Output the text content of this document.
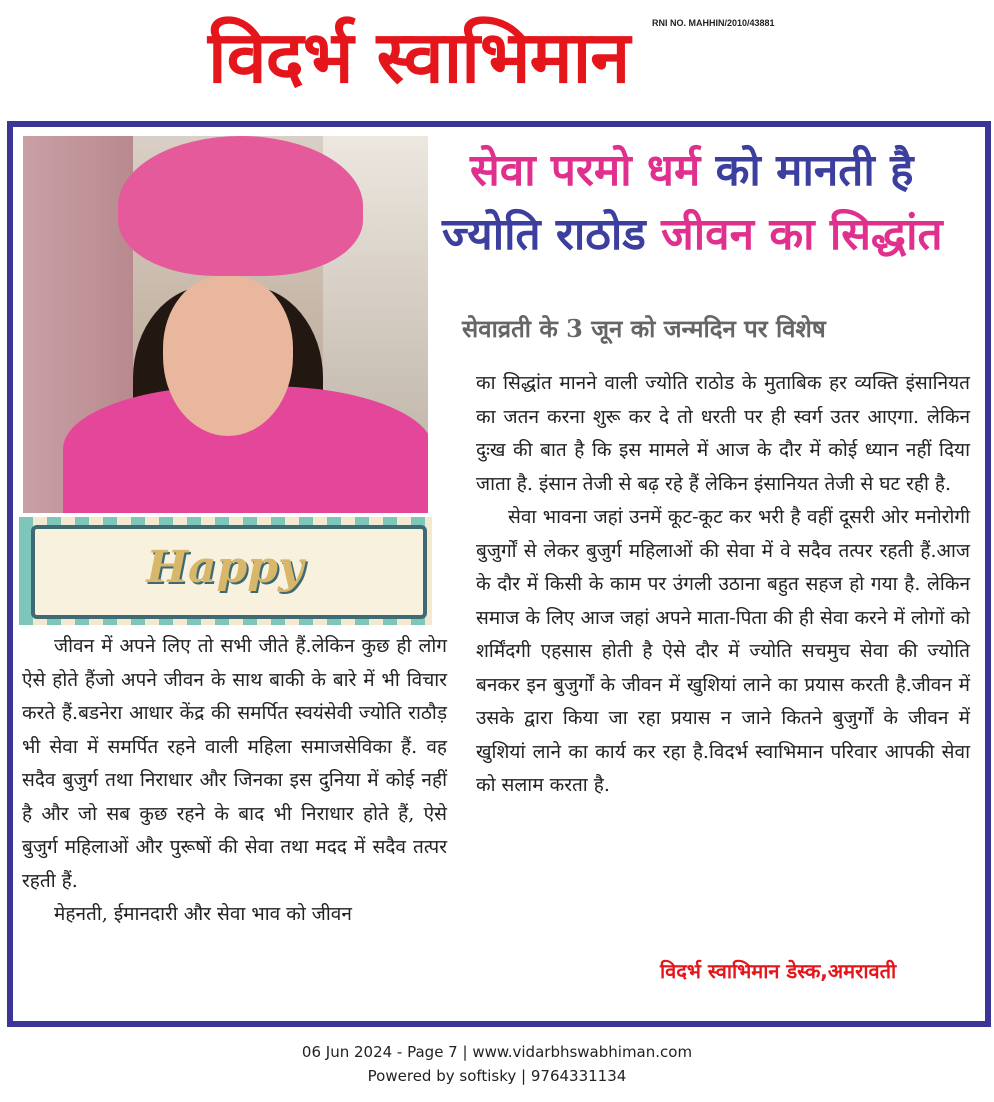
विदर्भ स्वाभिमान	RNI NO. MAHHIN/2010/43881
Happy
सेवा परमो धर्म को मानती है
ज्योति राठोड जीवन का सिद्धांत
सेवाव्रती के 3 जून को जन्मदिन पर विशेष

जीवन में अपने लिए तो सभी जीते हैं.लेकिन कुछ ही लोग ऐसे होते हैंजो अपने जीवन के साथ बाकी के बारे में भी विचार करते हैं.बडनेरा आधार केंद्र की समर्पित स्वयंसेवी ज्योति राठौड़ भी सेवा में समर्पित रहने वाली महिला समाजसेविका हैं. वह सदैव बुजुर्ग तथा निराधार और जिनका इस दुनिया में कोई नहीं है और जो सब कुछ रहने के बाद भी निराधार होते हैं, ऐसे बुजुर्ग महिलाओं और पुरूषों की सेवा तथा मदद में सदैव तत्पर रहती हैं.

मेहनती, ईमानदारी और सेवा भाव को जीवन

का सिद्धांत मानने वाली ज्योति राठोड के मुताबिक हर व्यक्ति इंसानियत का जतन करना शुरू कर दे तो धरती पर ही स्वर्ग उतर आएगा. लेकिन दुःख की बात है कि इस मामले में आज के दौर में कोई ध्यान नहीं दिया जाता है. इंसान तेजी से बढ़ रहे हैं लेकिन इंसानियत तेजी से घट रही है.

सेवा भावना जहां उनमें कूट-कूट कर भरी है वहीं दूसरी ओर मनोरोगी बुजुर्गों से लेकर बुजुर्ग महिलाओं की सेवा में वे सदैव तत्पर रहती हैं.आज के दौर में किसी के काम पर उंगली उठाना बहुत सहज हो गया है. लेकिन समाज के लिए आज जहां अपने माता-पिता की ही सेवा करने में लोगों को शर्मिंदगी एहसास होती है ऐसे दौर में ज्योति सचमुच सेवा की ज्योति बनकर इन बुजुर्गों के जीवन में खुशियां लाने का प्रयास करती है.जीवन में उसके द्वारा किया जा रहा प्रयास न जाने कितने बुजुर्गों के जीवन में खुशियां लाने का कार्य कर रहा है.विदर्भ स्वाभिमान परिवार आपकी सेवा को सलाम करता है.

विदर्भ स्वाभिमान डेस्क,अमरावती
06 Jun 2024 - Page 7 | www.vidarbhswabhiman.com
Powered by softisky | 9764331134
